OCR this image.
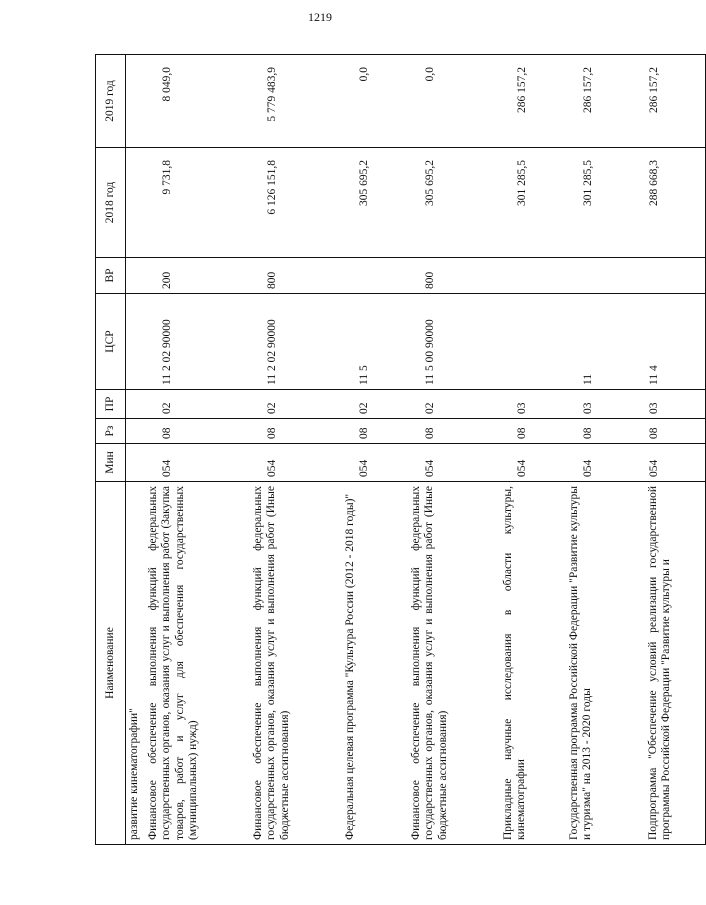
1219
Наименование	Мин	Рз	ПР	ЦСР	ВР	2018 год	2019 год
развитие кинематографии"							
Финансовое обеспечение выполнения функций федеральных государственных органов, оказания услуг и выполнения работ (Закупка товаров, работ и услуг для обеспечения государственных (муниципальных) нужд)	054	08	02	11 2 02 90000	200	9 731,8	8 049,0
Финансовое обеспечение выполнения функций федеральных государственных органов, оказания услуг и выполнения работ (Иные бюджетные ассигнования)	054	08	02	11 2 02 90000	800	6 126 151,8	5 779 483,9
Федеральная целевая программа "Культура России (2012 - 2018 годы)"	054	08	02	11 5		305 695,2	0,0
Финансовое обеспечение выполнения функций федеральных государственных органов, оказания услуг и выполнения работ (Иные бюджетные ассигнования)	054	08	02	11 5 00 90000	800	305 695,2	0,0
Прикладные научные исследования в области культуры, кинематографии	054	08	03			301 285,5	286 157,2
Государственная программа Российской Федерации "Развитие культуры и туризма" на 2013 - 2020 годы	054	08	03	11		301 285,5	286 157,2
Подпрограмма "Обеспечение условий реализации государственной программы Российской Федерации "Развитие культуры и	054	08	03	11 4		288 668,3	286 157,2
